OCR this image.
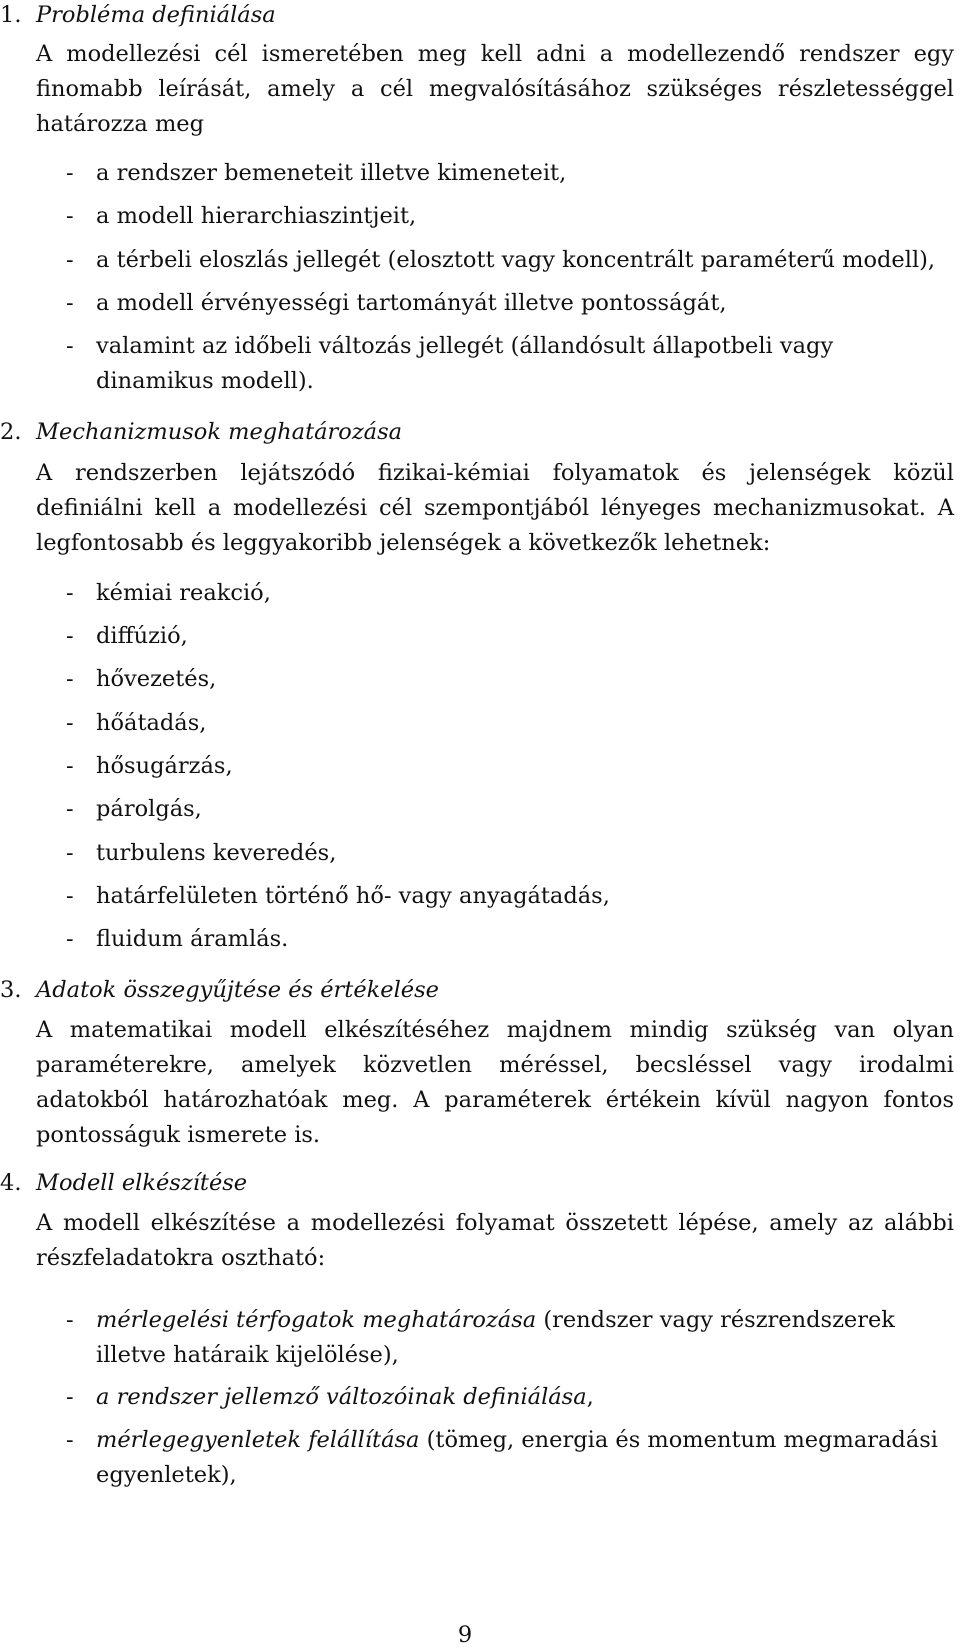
1. Probléma definiálása
A modellezési cél ismeretében meg kell adni a modellezendő rendszer egy finomabb leírását, amely a cél megvalósításához szükséges részletességgel határozza meg
- a rendszer bemeneteit illetve kimeneteit,
- a modell hierarchiaszintjeit,
- a térbeli eloszlás jellegét (elosztott vagy koncentrált paraméterű modell),
- a modell érvényességi tartományát illetve pontosságát,
- valamint az időbeli változás jellegét (állandósult állapotbeli vagy dinamikus modell).
2. Mechanizmusok meghatározása
A rendszerben lejátszódó fizikai-kémiai folyamatok és jelenségek közül definiálni kell a modellezési cél szempontjából lényeges mechanizmusokat. A legfontosabb és leggyakoribb jelenségek a következők lehetnek:
- kémiai reakció,
- diffúzió,
- hővezetés,
- hőátadás,
- hősugárzás,
- párolgás,
- turbulens keveredés,
- határfelületen történő hő- vagy anyagátadás,
- fluidum áramlás.
3. Adatok összegyűjtése és értékelése
A matematikai modell elkészítéséhez majdnem mindig szükség van olyan paraméterekre, amelyek közvetlen méréssel, becsléssel vagy irodalmi adatokból határozhatóak meg. A paraméterek értékein kívül nagyon fontos pontosságuk ismerete is.
4. Modell elkészítése
A modell elkészítése a modellezési folyamat összetett lépése, amely az alábbi részfeladatokra osztható:
- mérlegelési térfogatok meghatározása (rendszer vagy részrendszerek illetve határaik kijelölése),
- a rendszer jellemző változóinak definiálása,
- mérlegegyenletek felállítása (tömeg, energia és momentum megmaradási egyenletek),
9
